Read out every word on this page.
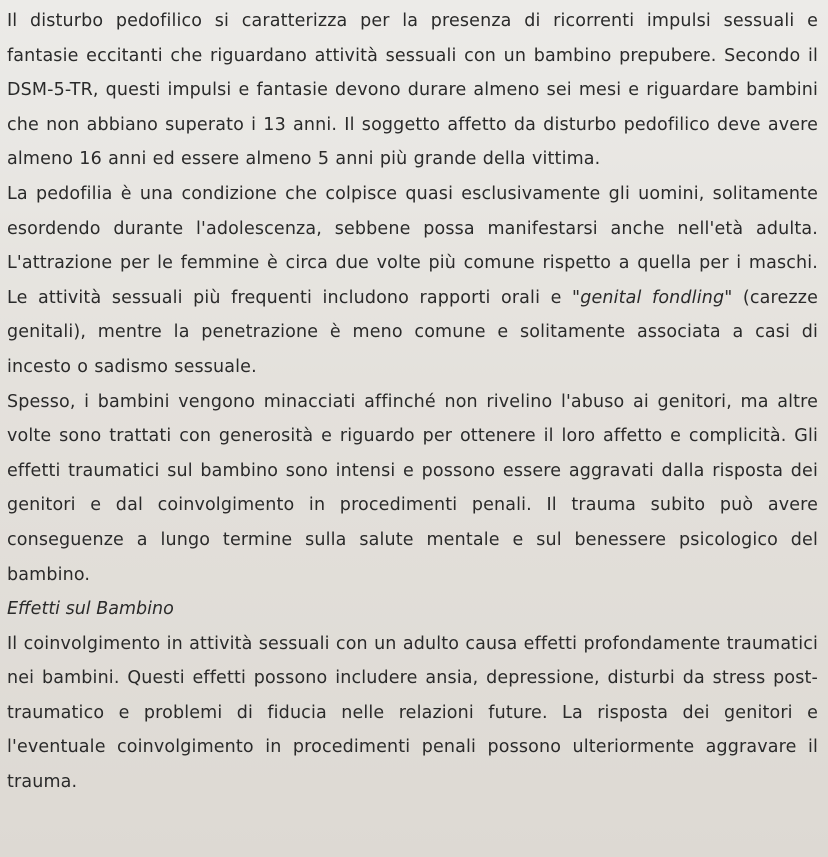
Il disturbo pedofilico si caratterizza per la presenza di ricorrenti impulsi sessuali e fantasie eccitanti che riguardano attività sessuali con un bambino prepubere. Secondo il DSM-5-TR, questi impulsi e fantasie devono durare almeno sei mesi e riguardare bambini che non abbiano superato i 13 anni. Il soggetto affetto da disturbo pedofilico deve avere almeno 16 anni ed essere almeno 5 anni più grande della vittima.

La pedofilia è una condizione che colpisce quasi esclusivamente gli uomini, solitamente esordendo durante l'adolescenza, sebbene possa manifestarsi anche nell'età adulta. L'attrazione per le femmine è circa due volte più comune rispetto a quella per i maschi. Le attività sessuali più frequenti includono rapporti orali e "genital fondling" (carezze genitali), mentre la penetrazione è meno comune e solitamente associata a casi di incesto o sadismo sessuale.

Spesso, i bambini vengono minacciati affinché non rivelino l'abuso ai genitori, ma altre volte sono trattati con generosità e riguardo per ottenere il loro affetto e complicità. Gli effetti traumatici sul bambino sono intensi e possono essere aggravati dalla risposta dei genitori e dal coinvolgimento in procedimenti penali. Il trauma subito può avere conseguenze a lungo termine sulla salute mentale e sul benessere psicologico del bambino.

Effetti sul Bambino

Il coinvolgimento in attività sessuali con un adulto causa effetti profondamente traumatici nei bambini. Questi effetti possono includere ansia, depressione, disturbi da stress post-traumatico e problemi di fiducia nelle relazioni future. La risposta dei genitori e l'eventuale coinvolgimento in procedimenti penali possono ulteriormente aggravare il trauma.
